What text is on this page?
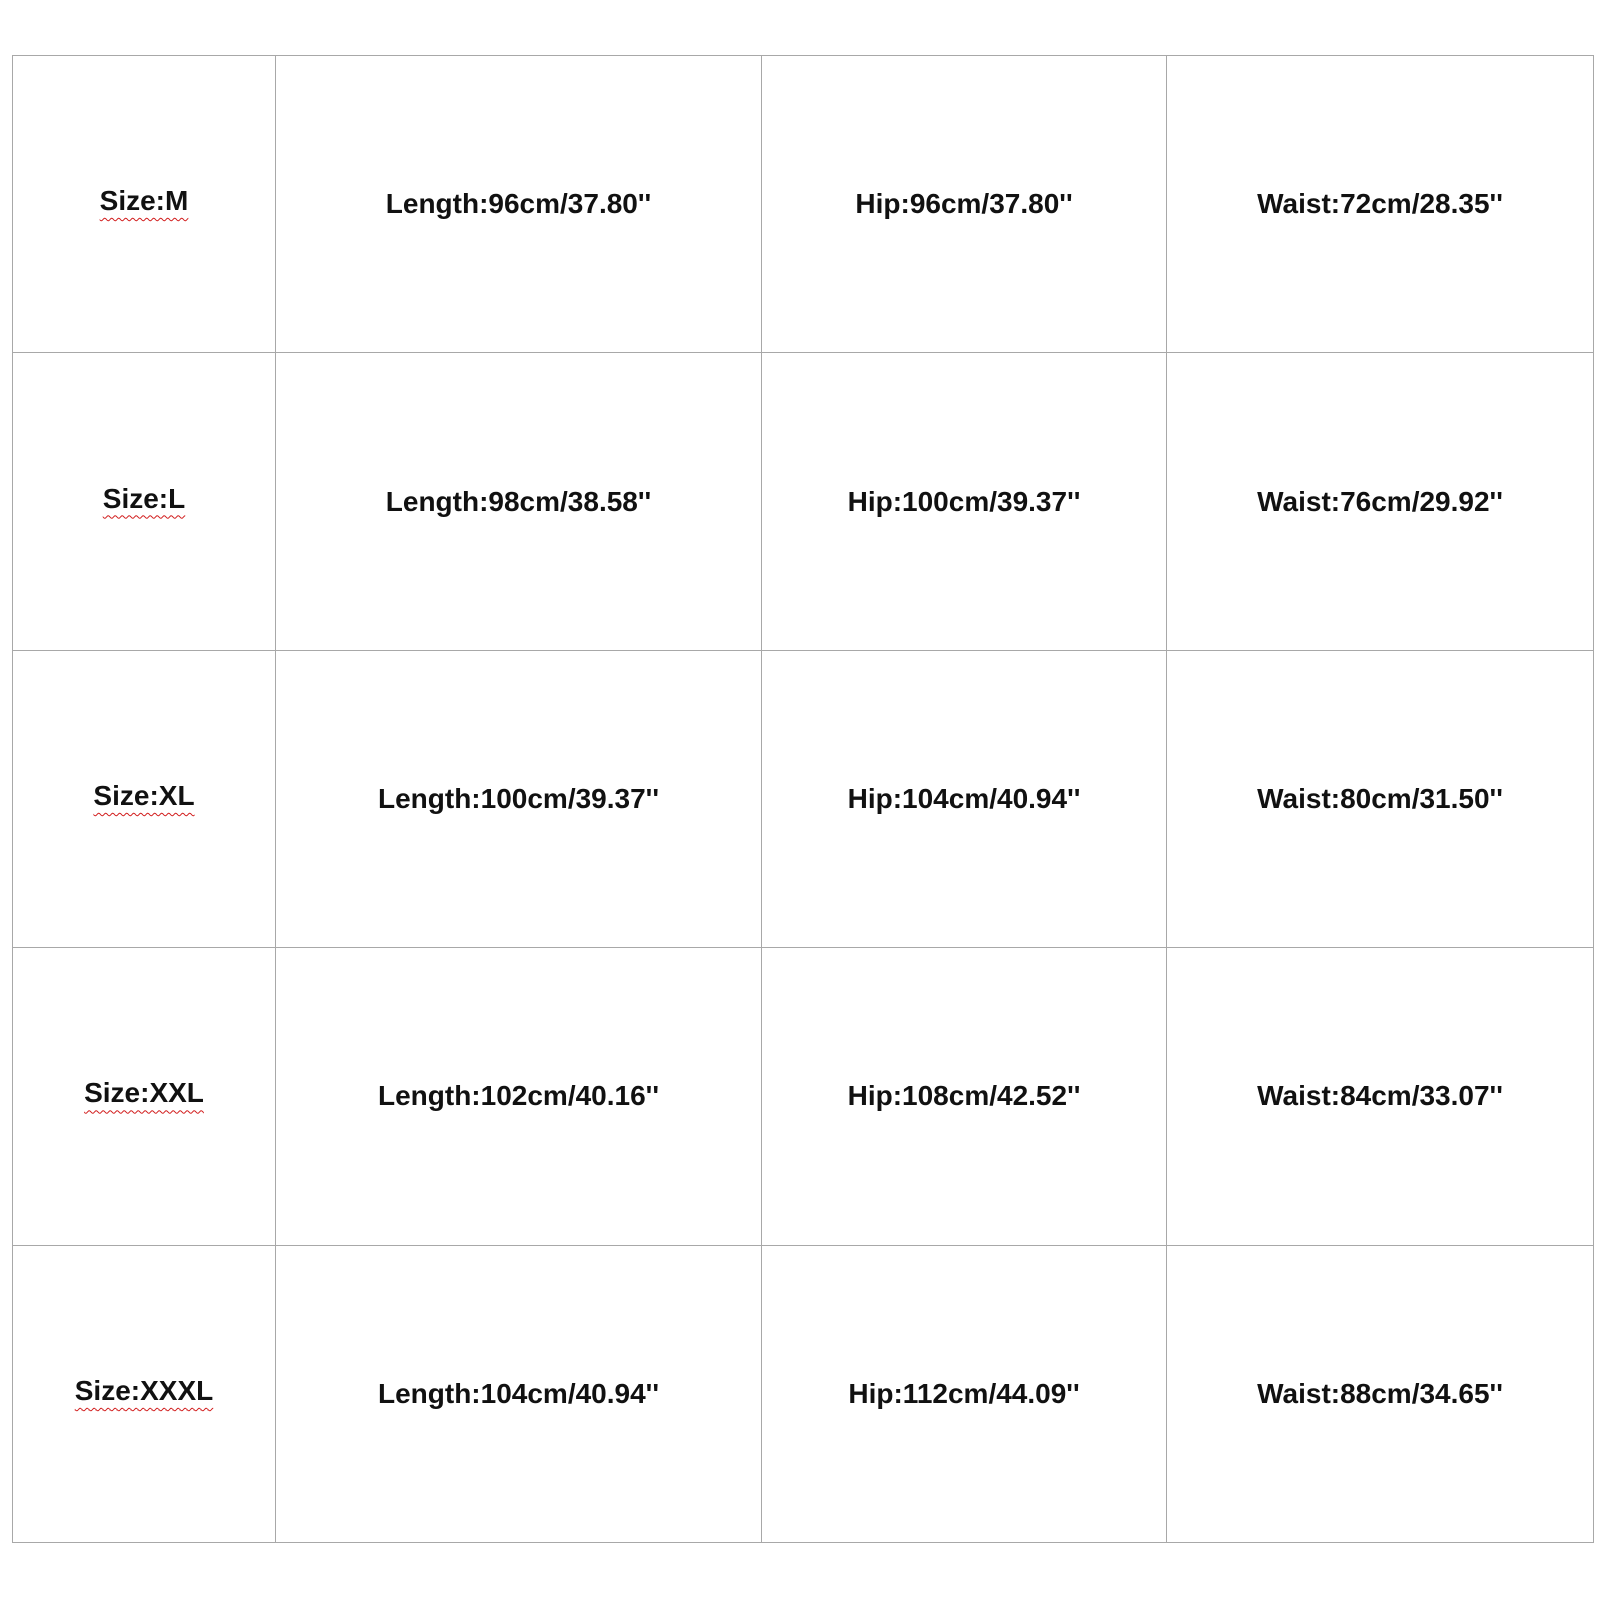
Size:M	Length:96cm/37.80''	Hip:96cm/37.80''	Waist:72cm/28.35''
Size:L	Length:98cm/38.58''	Hip:100cm/39.37''	Waist:76cm/29.92''
Size:XL	Length:100cm/39.37''	Hip:104cm/40.94''	Waist:80cm/31.50''
Size:XXL	Length:102cm/40.16''	Hip:108cm/42.52''	Waist:84cm/33.07''
Size:XXXL	Length:104cm/40.94''	Hip:112cm/44.09''	Waist:88cm/34.65''
